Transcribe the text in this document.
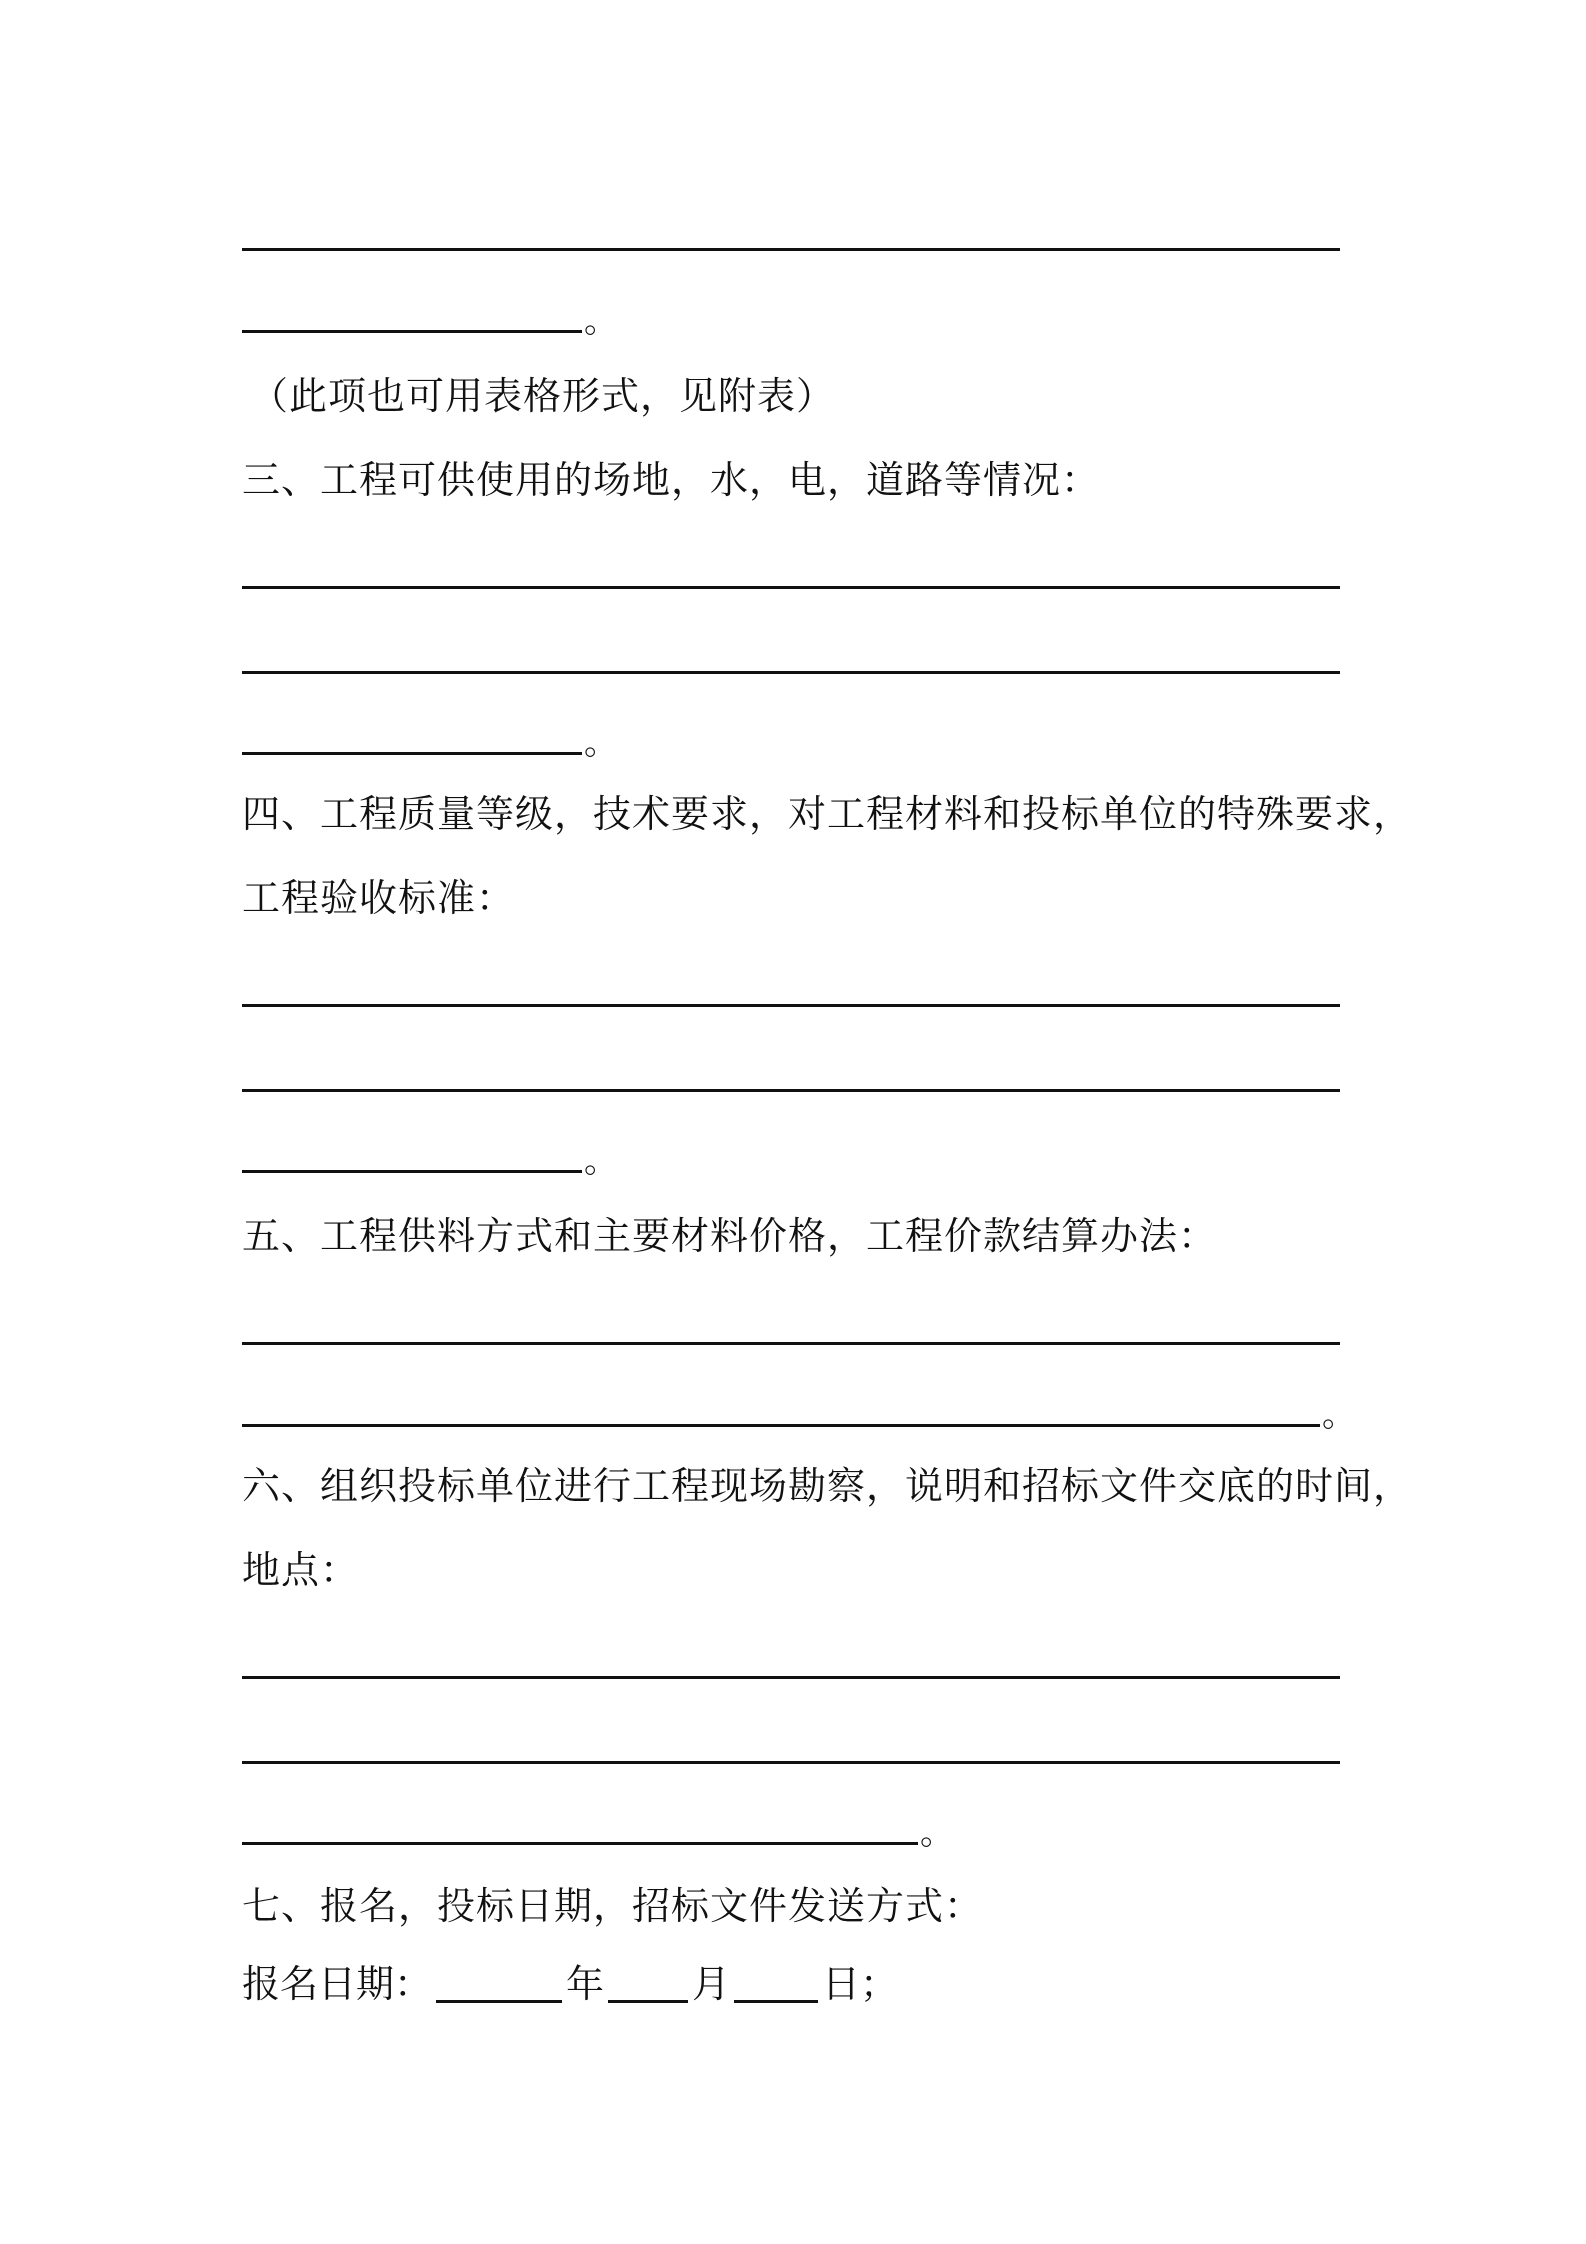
。
（此项也可用表格形式，见附表）
三、工程可供使用的场地，水，电，道路等情况：
。
四、工程质量等级，技术要求，对工程材料和投标单位的特殊要求，
工程验收标准：
。
五、工程供料方式和主要材料价格，工程价款结算办法：
。
六、组织投标单位进行工程现场勘察，说明和招标文件交底的时间，
地点：
。
七、报名，投标日期，招标文件发送方式：
报名日期：	年 月 日；
